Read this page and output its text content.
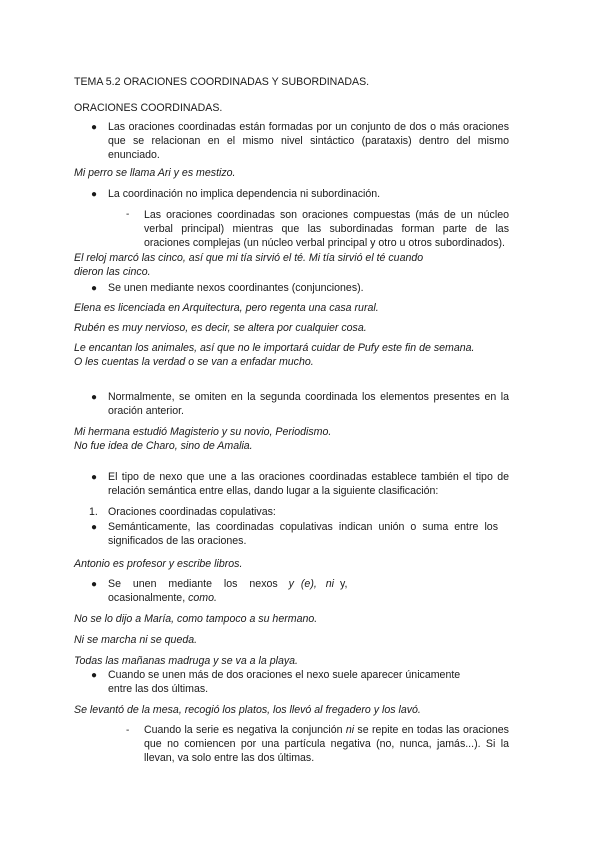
TEMA 5.2 ORACIONES COORDINADAS Y SUBORDINADAS.
ORACIONES COORDINADAS.
● Las oraciones coordinadas están formadas por un conjunto de dos o más oraciones que se relacionan en el mismo nivel sintáctico (parataxis) dentro del mismo enunciado.
Mi perro se llama Ari y es mestizo.
● La coordinación no implica dependencia ni subordinación.
- Las oraciones coordinadas son oraciones compuestas (más de un núcleo verbal principal) mientras que las subordinadas forman parte de las oraciones complejas (un núcleo verbal principal y otro u otros subordinados).
El reloj marcó las cinco, así que mi tía sirvió el té. Mi tía sirvió el té cuando
dieron las cinco.
● Se unen mediante nexos coordinantes (conjunciones).
Elena es licenciada en Arquitectura, pero regenta una casa rural.
Rubén es muy nervioso, es decir, se altera por cualquier cosa.
Le encantan los animales, así que no le importará cuidar de Pufy este fin de semana.
O les cuentas la verdad o se van a enfadar mucho.
● Normalmente, se omiten en la segunda coordinada los elementos presentes en la oración anterior.
Mi hermana estudió Magisterio y su novio, Periodismo.
No fue idea de Charo, sino de Amalia.
● El tipo de nexo que une a las oraciones coordinadas establece también el tipo de relación semántica entre ellas, dando lugar a la siguiente clasificación:
1. Oraciones coordinadas copulativas:
● Semánticamente, las coordinadas copulativas indican unión o suma entre los significados de las oraciones.
Antonio es profesor y escribe libros.
● Se unen mediante los nexos y (e), ni y,
ocasionalmente, como.
No se lo dijo a María, como tampoco a su hermano.
Ni se marcha ni se queda.
Todas las mañanas madruga y se va a la playa.
● Cuando se unen más de dos oraciones el nexo suele aparecer únicamente
entre las dos últimas.
Se levantó de la mesa, recogió los platos, los llevó al fregadero y los lavó.
- Cuando la serie es negativa la conjunción ni se repite en todas las oraciones que no comiencen por una partícula negativa (no, nunca, jamás...). Si la llevan, va solo entre las dos últimas.
